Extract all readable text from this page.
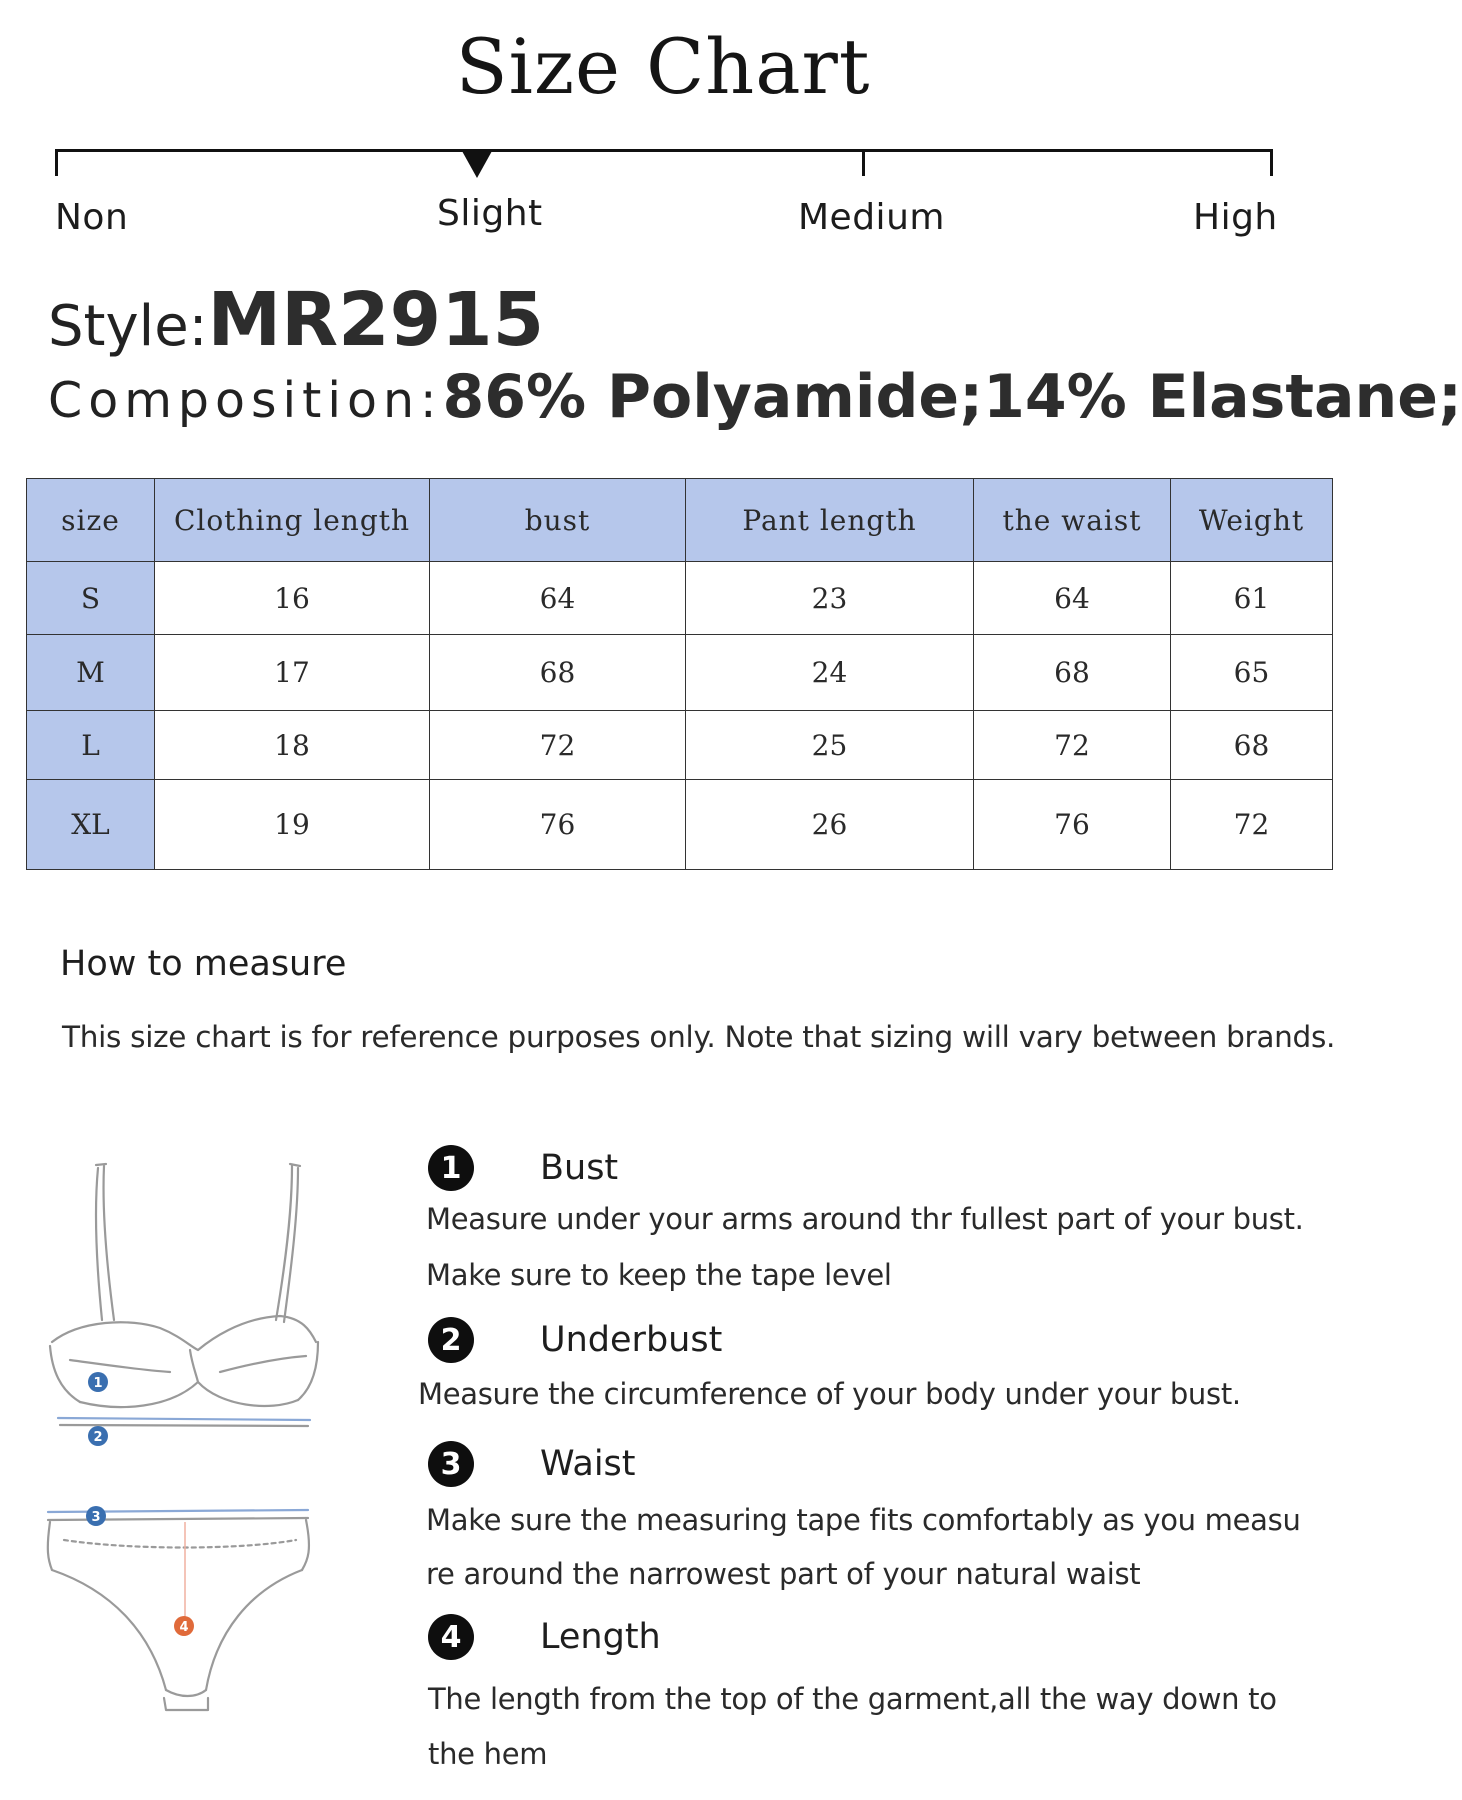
Size Chart
Non	Slight	Medium	High
Style:MR2915
Composition:86% Polyamide;14% Elastane;
size	Clothing length	bust	Pant length	the waist	Weight
S	16	64	23	64	61
M	17	68	24	68	65
L	18	72	25	72	68
XL	19	76	26	76	72
How to measure
This size chart is for reference purposes only. Note that sizing will vary between brands.
1
2
3
4
1	Bust
Measure under your arms around thr fullest part of your bust.
Make sure to keep the tape level
2	Underbust
Measure the circumference of your body under your bust.
3	Waist
Make sure the measuring tape fits comfortably as you measu
re around the narrowest part of your natural waist
4	Length
The length from the top of the garment,all the way down to
the hem
